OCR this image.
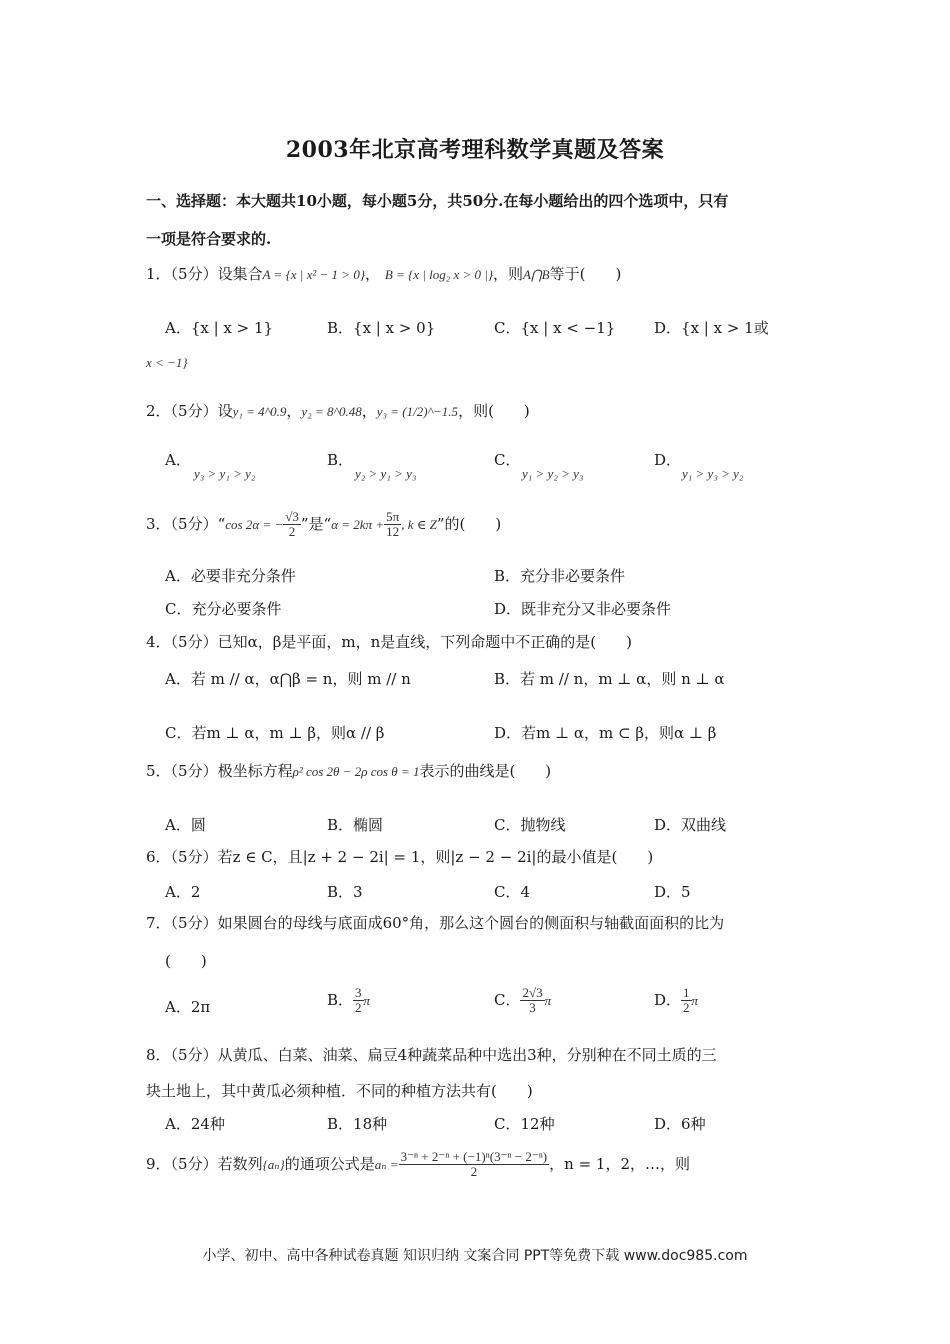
2003年北京高考理科数学真题及答案
一、选择题：本大题共10小题，每小题5分，共50分.在每小题给出的四个选项中，只有
一项是符合要求的.
1．（5分）设集合A = {x | x² − 1 > 0}， B = {x | log₂ x > 0 |}，则A⋂B等于(　　)
A．{x | x > 1}	B．{x | x > 0}	C．{x | x < −1}	D．{x | x > 1或
x < −1}
2．（5分）设y₁ = 4^0.9，y₂ = 8^0.48，y₃ = (1/2)^−1.5，则(　　)
A．
y₃ > y₁ > y₂
B．
y₂ > y₁ > y₃
C．
y₁ > y₂ > y₃
D．
y₁ > y₃ > y₂
3．（5分）“cos 2α = − $\frac{√3}{2}$ ”是“$\alpha = 2k\pi + \frac{5\pi}{12}$ , k ∈ Z”的(　　)
A．必要非充分条件	B．充分非必要条件
C．充分必要条件	D．既非充分又非必要条件
4．（5分）已知α，β是平面，m，n是直线，下列命题中不正确的是(　　)
A．若 m // α，α⋂β = n，则 m // n	B．若 m // n，m ⊥ α，则 n ⊥ α
C．若m ⊥ α，m ⊥ β，则α // β	D．若m ⊥ α，m ⊂ β，则α ⊥ β
5．（5分）极坐标方程ρ² cos 2θ − 2ρ cos θ = 1表示的曲线是(　　)
A．圆	B．椭圆	C．抛物线	D．双曲线
6．（5分）若z ∈ C，且|z + 2 − 2i| = 1，则|z − 2 − 2i|的最小值是(　　)
A．2	B．3	C．4	D．5
7．（5分）如果圆台的母线与底面成60°角，那么这个圆台的侧面积与轴截面面积的比为
(　　)
A．2π	B． $\frac{3}{2}$ π	C． $\frac{2√3}{3}$ π	D． $\frac{1}{2}$ π
8．（5分）从黄瓜、白菜、油菜、扁豆4种蔬菜品种中选出3种，分别种在不同土质的三
块土地上，其中黄瓜必须种植．不同的种植方法共有(　　)
A．24种	B．18种	C．12种	D．6种
9．（5分）若数列{aₙ}的通项公式是$a_n = \frac{\text{3⁻ⁿ + 2⁻ⁿ + (−1)ⁿ(3⁻ⁿ − 2⁻ⁿ)}}{2}$ ，n = 1，2，…，则
小学、初中、高中各种试卷真题 知识归纳 文案合同 PPT等免费下载 www.doc985.com
